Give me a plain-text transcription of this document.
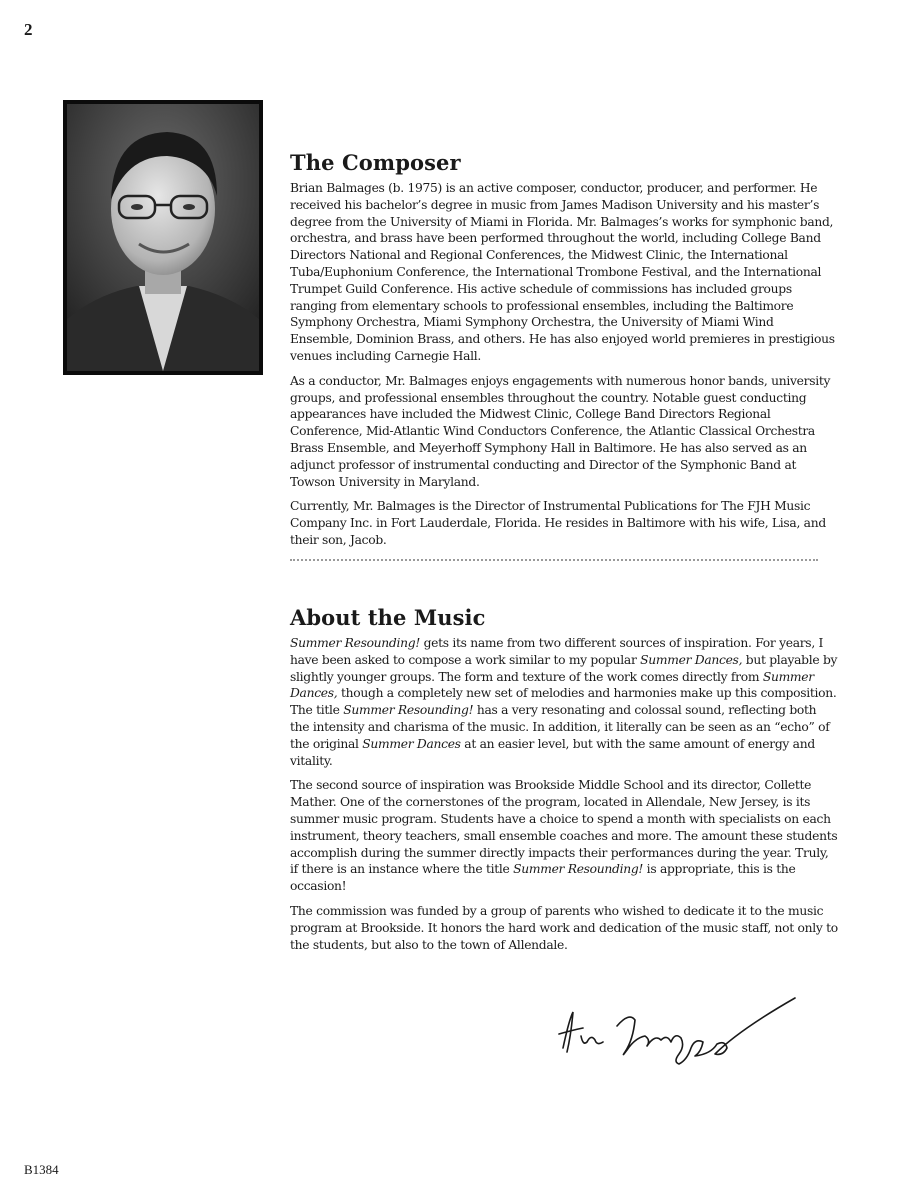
2
The Composer

Brian Balmages (b. 1975) is an active composer, conductor, producer, and performer. He received his bachelor’s degree in music from James Madison University and his master’s degree from the University of Miami in Florida. Mr. Balmages’s works for symphonic band, orchestra, and brass have been performed throughout the world, including College Band Directors National and Regional Conferences, the Midwest Clinic, the International Tuba/Euphonium Conference, the International Trombone Festival, and the International Trumpet Guild Conference. His active schedule of commissions has included groups ranging from elementary schools to professional ensembles, including the Baltimore Symphony Orchestra, Miami Symphony Orchestra, the University of Miami Wind Ensemble, Dominion Brass, and others. He has also enjoyed world premieres in prestigious venues including Carnegie Hall.

As a conductor, Mr. Balmages enjoys engagements with numerous honor bands, university groups, and professional ensembles throughout the country. Notable guest conducting appearances have included the Midwest Clinic, College Band Directors Regional Conference, Mid-Atlantic Wind Conductors Conference, the Atlantic Classical Orchestra Brass Ensemble, and Meyerhoff Symphony Hall in Baltimore. He has also served as an adjunct professor of instrumental conducting and Director of the Symphonic Band at Towson University in Maryland.

Currently, Mr. Balmages is the Director of Instrumental Publications for The FJH Music Company Inc. in Fort Lauderdale, Florida. He resides in Baltimore with his wife, Lisa, and their son, Jacob.

About the Music

Summer Resounding! gets its name from two different sources of inspiration. For years, I have been asked to compose a work similar to my popular Summer Dances, but playable by slightly younger groups. The form and texture of the work comes directly from Summer Dances, though a completely new set of melodies and harmonies make up this composition. The title Summer Resounding! has a very resonating and colossal sound, reflecting both the intensity and charisma of the music. In addition, it literally can be seen as an “echo” of the original Summer Dances at an easier level, but with the same amount of energy and vitality.

The second source of inspiration was Brookside Middle School and its director, Collette Mather. One of the cornerstones of the program, located in Allendale, New Jersey, is its summer music program. Students have a choice to spend a month with specialists on each instrument, theory teachers, small ensemble coaches and more. The amount these students accomplish during the summer directly impacts their performances during the year. Truly, if there is an instance where the title Summer Resounding! is appropriate, this is the occasion!

The commission was funded by a group of parents who wished to dedicate it to the music program at Brookside. It honors the hard work and dedication of the music staff, not only to the students, but also to the town of Allendale.

B1384
